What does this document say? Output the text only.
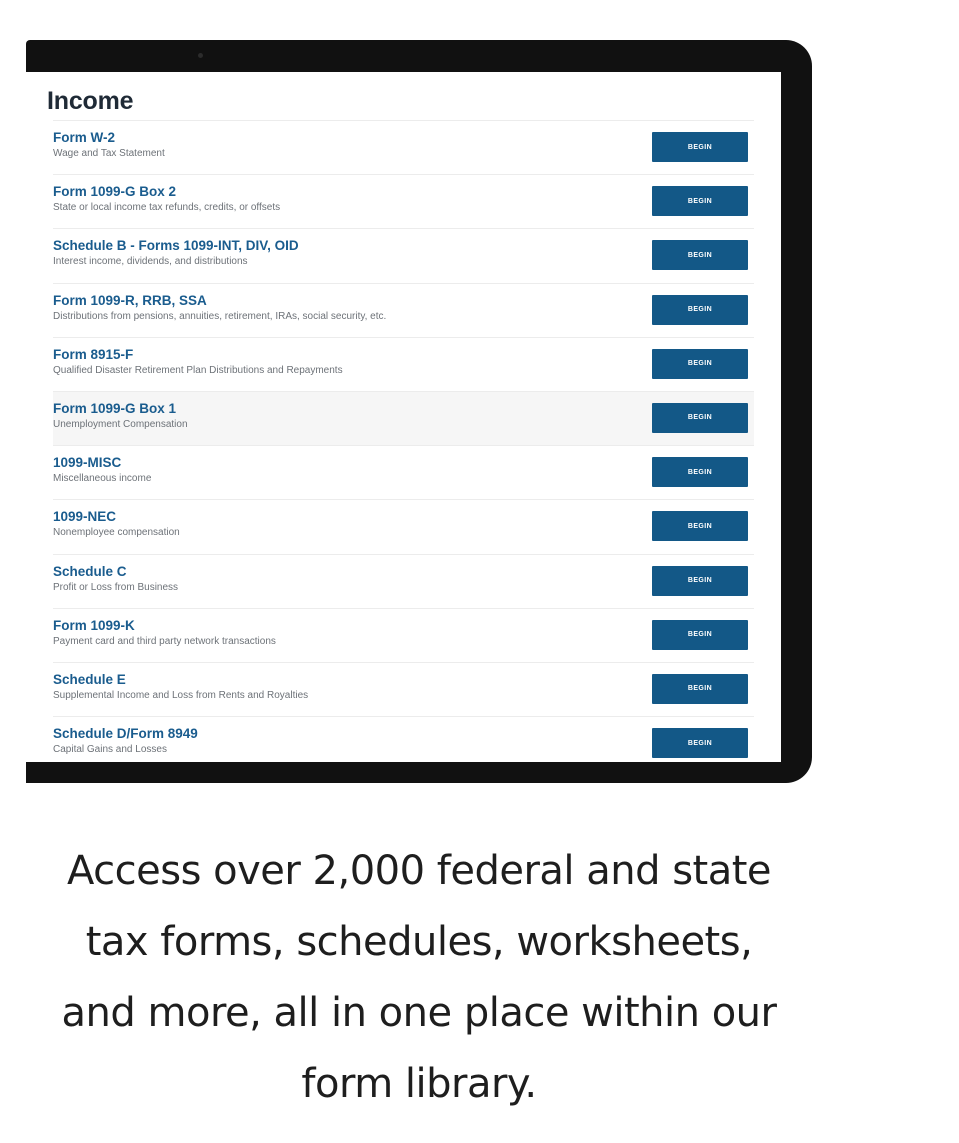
Income
Form W-2
Wage and Tax Statement
BEGIN
Form 1099-G Box 2
State or local income tax refunds, credits, or offsets
BEGIN
Schedule B - Forms 1099-INT, DIV, OID
Interest income, dividends, and distributions
BEGIN
Form 1099-R, RRB, SSA
Distributions from pensions, annuities, retirement, IRAs, social security, etc.
BEGIN
Form 8915-F
Qualified Disaster Retirement Plan Distributions and Repayments
BEGIN
Form 1099-G Box 1
Unemployment Compensation
BEGIN
1099-MISC
Miscellaneous income
BEGIN
1099-NEC
Nonemployee compensation
BEGIN
Schedule C
Profit or Loss from Business
BEGIN
Form 1099-K
Payment card and third party network transactions
BEGIN
Schedule E
Supplemental Income and Loss from Rents and Royalties
BEGIN
Schedule D/Form 8949
Capital Gains and Losses
BEGIN

Access over 2,000 federal and state
tax forms, schedules, worksheets,
and more, all in one place within our
form library.
